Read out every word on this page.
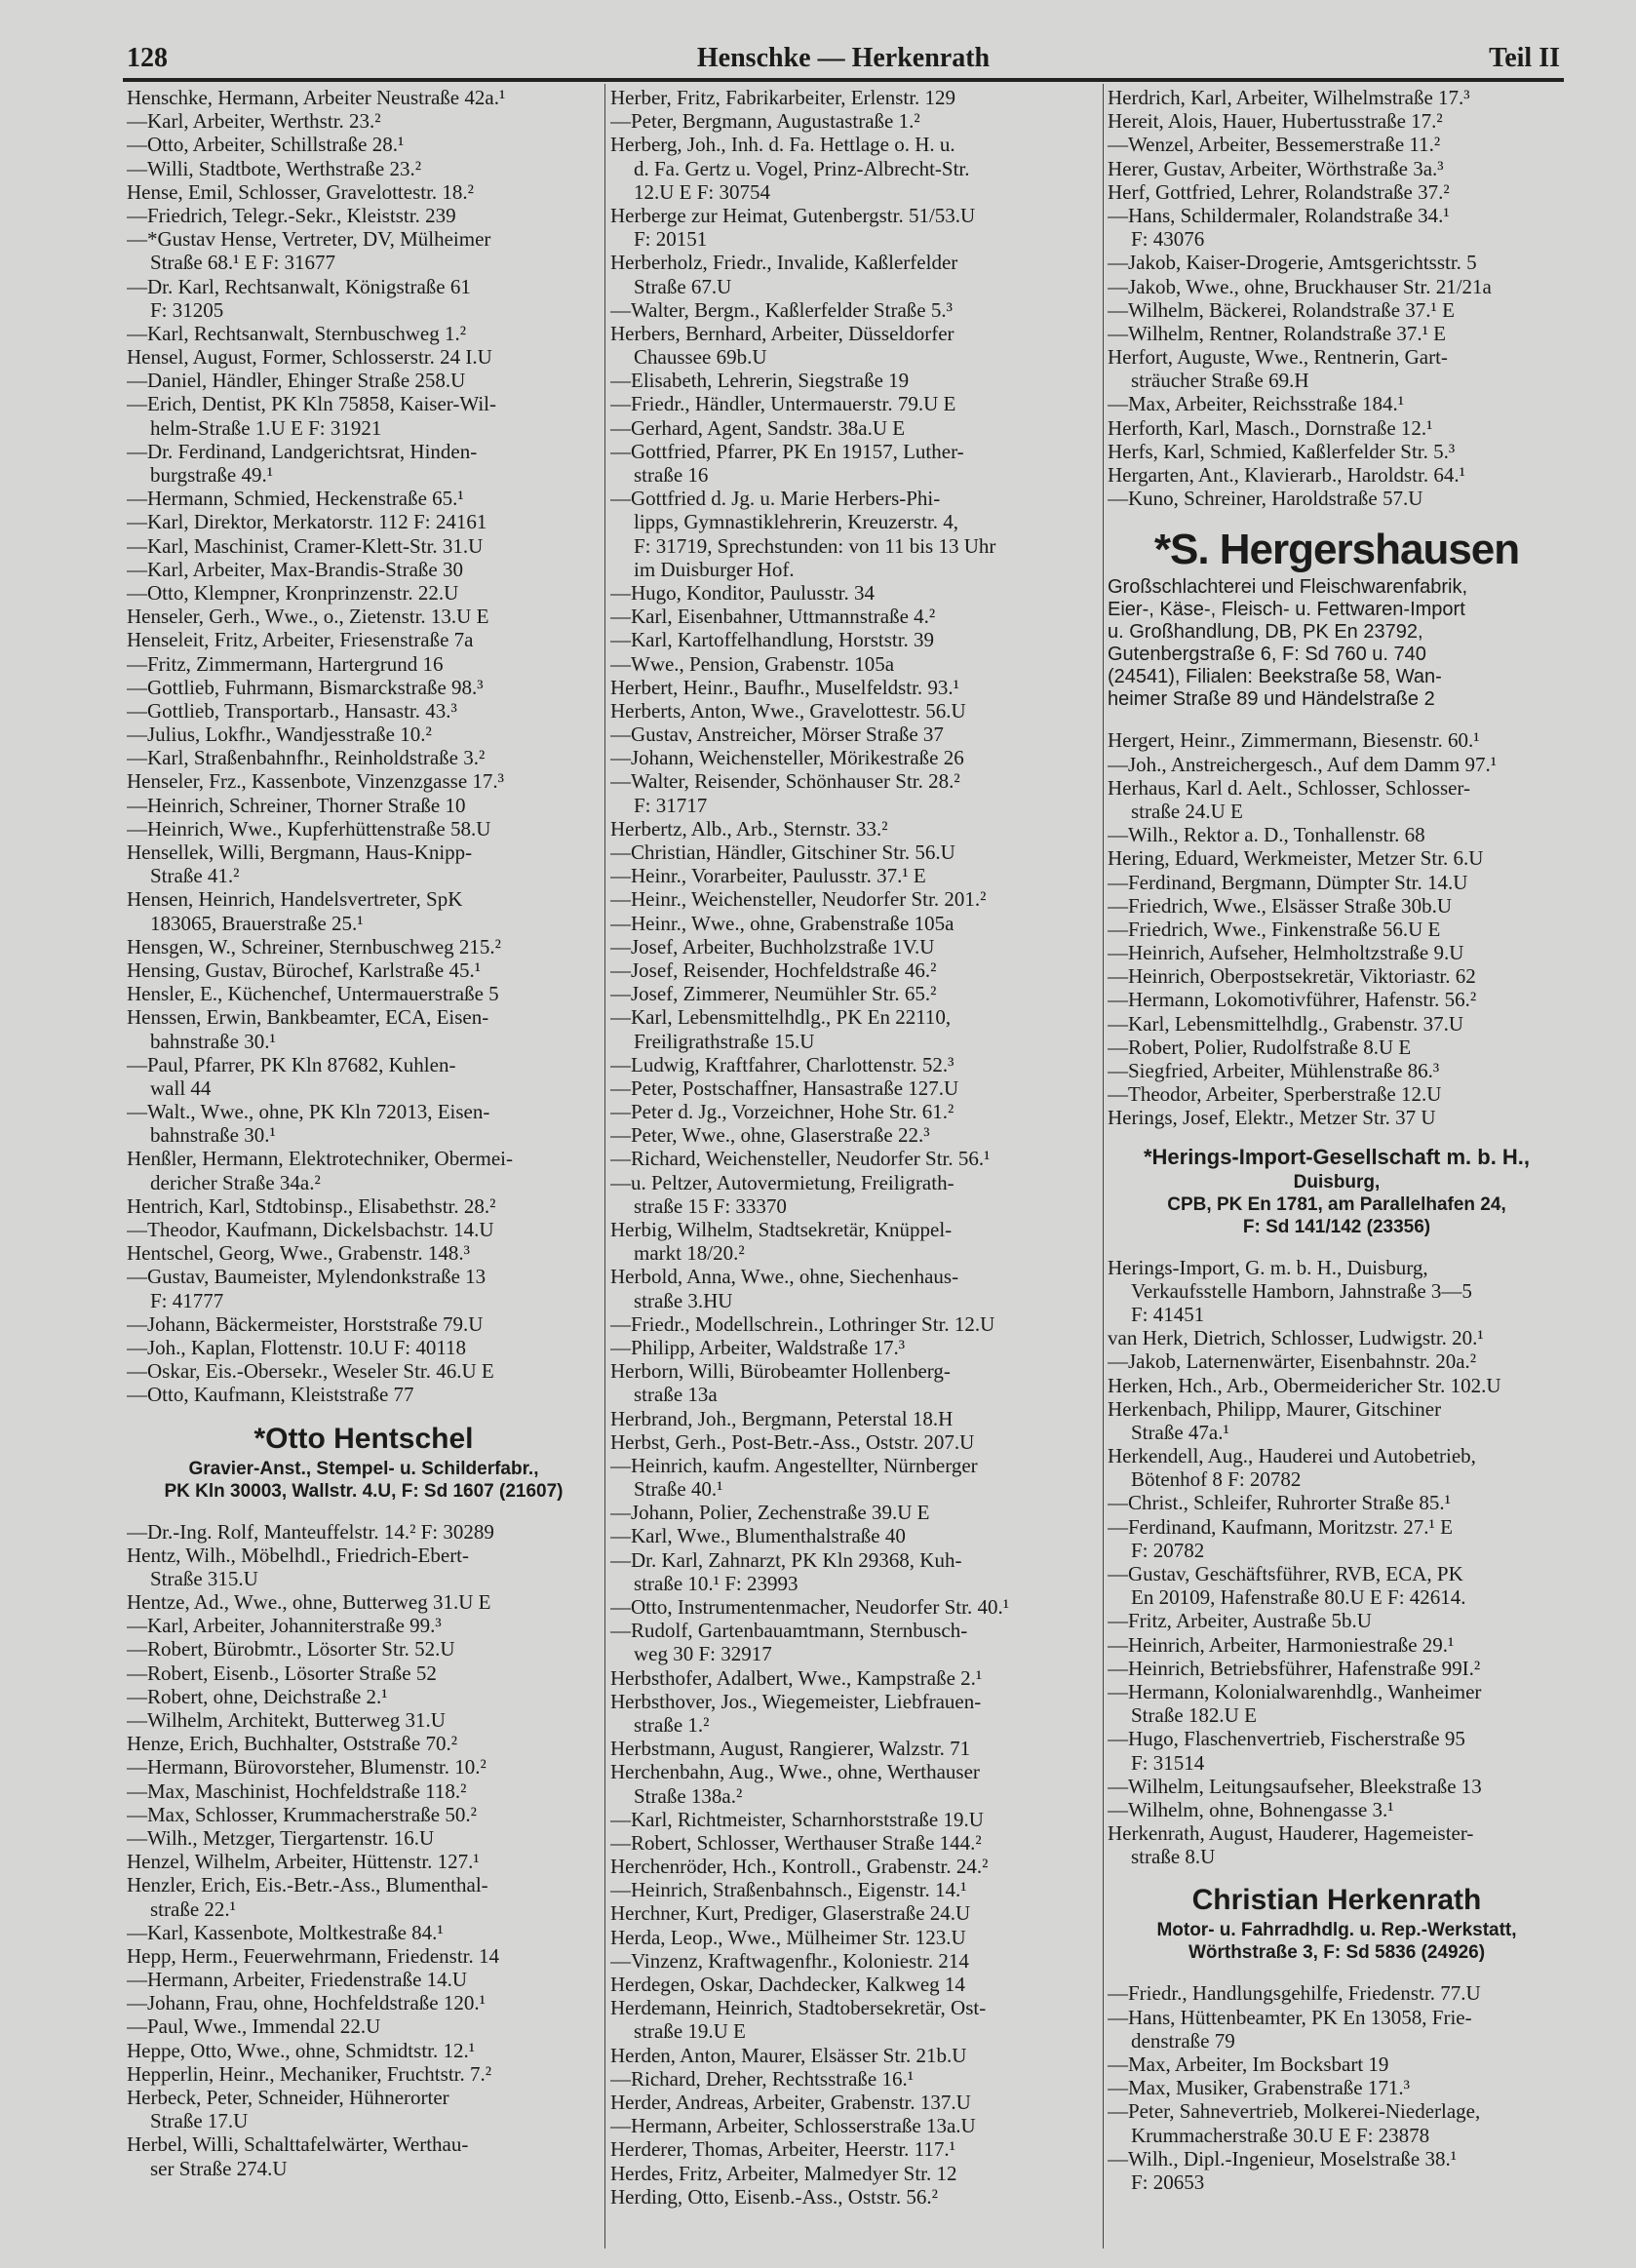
128	Henschke — Herkenrath	Teil II
Henschke, Hermann, Arbeiter Neustraße 42a.¹
—Karl, Arbeiter, Werthstr. 23.²
—Otto, Arbeiter, Schillstraße 28.¹
—Willi, Stadtbote, Werthstraße 23.²
Hense, Emil, Schlosser, Gravelottestr. 18.²
—Friedrich, Telegr.-Sekr., Kleiststr. 239
—*Gustav Hense, Vertreter, DV, Mülheimer
Straße 68.¹ E F: 31677
—Dr. Karl, Rechtsanwalt, Königstraße 61
F: 31205
—Karl, Rechtsanwalt, Sternbuschweg 1.²
Hensel, August, Former, Schlosserstr. 24 I.U
—Daniel, Händler, Ehinger Straße 258.U
—Erich, Dentist, PK Kln 75858, Kaiser-Wil-
helm-Straße 1.U E F: 31921
—Dr. Ferdinand, Landgerichtsrat, Hinden-
burgstraße 49.¹
—Hermann, Schmied, Heckenstraße 65.¹
—Karl, Direktor, Merkatorstr. 112 F: 24161
—Karl, Maschinist, Cramer-Klett-Str. 31.U
—Karl, Arbeiter, Max-Brandis-Straße 30
—Otto, Klempner, Kronprinzenstr. 22.U
Henseler, Gerh., Wwe., o., Zietenstr. 13.U E
Henseleit, Fritz, Arbeiter, Friesenstraße 7a
—Fritz, Zimmermann, Hartergrund 16
—Gottlieb, Fuhrmann, Bismarckstraße 98.³
—Gottlieb, Transportarb., Hansastr. 43.³
—Julius, Lokfhr., Wandjesstraße 10.²
—Karl, Straßenbahnfhr., Reinholdstraße 3.²
Henseler, Frz., Kassenbote, Vinzenzgasse 17.³
—Heinrich, Schreiner, Thorner Straße 10
—Heinrich, Wwe., Kupferhüttenstraße 58.U
Hensellek, Willi, Bergmann, Haus-Knipp-
Straße 41.²
Hensen, Heinrich, Handelsvertreter, SpK
183065, Brauerstraße 25.¹
Hensgen, W., Schreiner, Sternbuschweg 215.²
Hensing, Gustav, Bürochef, Karlstraße 45.¹
Hensler, E., Küchenchef, Untermauerstraße 5
Henssen, Erwin, Bankbeamter, ECA, Eisen-
bahnstraße 30.¹
—Paul, Pfarrer, PK Kln 87682, Kuhlen-
wall 44
—Walt., Wwe., ohne, PK Kln 72013, Eisen-
bahnstraße 30.¹
Henßler, Hermann, Elektrotechniker, Obermei-
dericher Straße 34a.²
Hentrich, Karl, Stdtobinsp., Elisabethstr. 28.²
—Theodor, Kaufmann, Dickelsbachstr. 14.U
Hentschel, Georg, Wwe., Grabenstr. 148.³
—Gustav, Baumeister, Mylendonkstraße 13
F: 41777
—Johann, Bäckermeister, Horststraße 79.U
—Joh., Kaplan, Flottenstr. 10.U F: 40118
—Oskar, Eis.-Obersekr., Weseler Str. 46.U E
—Otto, Kaufmann, Kleiststraße 77
*Otto Hentschel
Gravier-Anst., Stempel- u. Schilderfabr.,
PK Kln 30003, Wallstr. 4.U, F: Sd 1607 (21607)
—Dr.-Ing. Rolf, Manteuffelstr. 14.² F: 30289
Hentz, Wilh., Möbelhdl., Friedrich-Ebert-
Straße 315.U
Hentze, Ad., Wwe., ohne, Butterweg 31.U E
—Karl, Arbeiter, Johanniterstraße 99.³
—Robert, Bürobmtr., Lösorter Str. 52.U
—Robert, Eisenb., Lösorter Straße 52
—Robert, ohne, Deichstraße 2.¹
—Wilhelm, Architekt, Butterweg 31.U
Henze, Erich, Buchhalter, Oststraße 70.²
—Hermann, Bürovorsteher, Blumenstr. 10.²
—Max, Maschinist, Hochfeldstraße 118.²
—Max, Schlosser, Krummacherstraße 50.²
—Wilh., Metzger, Tiergartenstr. 16.U
Henzel, Wilhelm, Arbeiter, Hüttenstr. 127.¹
Henzler, Erich, Eis.-Betr.-Ass., Blumenthal-
straße 22.¹
—Karl, Kassenbote, Moltkestraße 84.¹
Hepp, Herm., Feuerwehrmann, Friedenstr. 14
—Hermann, Arbeiter, Friedenstraße 14.U
—Johann, Frau, ohne, Hochfeldstraße 120.¹
—Paul, Wwe., Immendal 22.U
Heppe, Otto, Wwe., ohne, Schmidtstr. 12.¹
Hepperlin, Heinr., Mechaniker, Fruchtstr. 7.²
Herbeck, Peter, Schneider, Hühnerorter
Straße 17.U
Herbel, Willi, Schalttafelwärter, Werthau-
ser Straße 274.U
Herber, Fritz, Fabrikarbeiter, Erlenstr. 129
—Peter, Bergmann, Augustastraße 1.²
Herberg, Joh., Inh. d. Fa. Hettlage o. H. u.
d. Fa. Gertz u. Vogel, Prinz-Albrecht-Str.
12.U E F: 30754
Herberge zur Heimat, Gutenbergstr. 51/53.U
F: 20151
Herberholz, Friedr., Invalide, Kaßlerfelder
Straße 67.U
—Walter, Bergm., Kaßlerfelder Straße 5.³
Herbers, Bernhard, Arbeiter, Düsseldorfer
Chaussee 69b.U
—Elisabeth, Lehrerin, Siegstraße 19
—Friedr., Händler, Untermauerstr. 79.U E
—Gerhard, Agent, Sandstr. 38a.U E
—Gottfried, Pfarrer, PK En 19157, Luther-
straße 16
—Gottfried d. Jg. u. Marie Herbers-Phi-
lipps, Gymnastiklehrerin, Kreuzerstr. 4,
F: 31719, Sprechstunden: von 11 bis 13 Uhr
im Duisburger Hof.
—Hugo, Konditor, Paulusstr. 34
—Karl, Eisenbahner, Uttmannstraße 4.²
—Karl, Kartoffelhandlung, Horststr. 39
—Wwe., Pension, Grabenstr. 105a
Herbert, Heinr., Baufhr., Muselfeldstr. 93.¹
Herberts, Anton, Wwe., Gravelottestr. 56.U
—Gustav, Anstreicher, Mörser Straße 37
—Johann, Weichensteller, Mörikestraße 26
—Walter, Reisender, Schönhauser Str. 28.²
F: 31717
Herbertz, Alb., Arb., Sternstr. 33.²
—Christian, Händler, Gitschiner Str. 56.U
—Heinr., Vorarbeiter, Paulusstr. 37.¹ E
—Heinr., Weichensteller, Neudorfer Str. 201.²
—Heinr., Wwe., ohne, Grabenstraße 105a
—Josef, Arbeiter, Buchholzstraße 1V.U
—Josef, Reisender, Hochfeldstraße 46.²
—Josef, Zimmerer, Neumühler Str. 65.²
—Karl, Lebensmittelhdlg., PK En 22110,
Freiligrathstraße 15.U
—Ludwig, Kraftfahrer, Charlottenstr. 52.³
—Peter, Postschaffner, Hansastraße 127.U
—Peter d. Jg., Vorzeichner, Hohe Str. 61.²
—Peter, Wwe., ohne, Glaserstraße 22.³
—Richard, Weichensteller, Neudorfer Str. 56.¹
—u. Peltzer, Autovermietung, Freiligrath-
straße 15 F: 33370
Herbig, Wilhelm, Stadtsekretär, Knüppel-
markt 18/20.²
Herbold, Anna, Wwe., ohne, Siechenhaus-
straße 3.HU
—Friedr., Modellschrein., Lothringer Str. 12.U
—Philipp, Arbeiter, Waldstraße 17.³
Herborn, Willi, Bürobeamter Hollenberg-
straße 13a
Herbrand, Joh., Bergmann, Peterstal 18.H
Herbst, Gerh., Post-Betr.-Ass., Oststr. 207.U
—Heinrich, kaufm. Angestellter, Nürnberger
Straße 40.¹
—Johann, Polier, Zechenstraße 39.U E
—Karl, Wwe., Blumenthalstraße 40
—Dr. Karl, Zahnarzt, PK Kln 29368, Kuh-
straße 10.¹ F: 23993
—Otto, Instrumentenmacher, Neudorfer Str. 40.¹
—Rudolf, Gartenbauamtmann, Sternbusch-
weg 30 F: 32917
Herbsthofer, Adalbert, Wwe., Kampstraße 2.¹
Herbsthover, Jos., Wiegemeister, Liebfrauen-
straße 1.²
Herbstmann, August, Rangierer, Walzstr. 71
Herchenbahn, Aug., Wwe., ohne, Werthauser
Straße 138a.²
—Karl, Richtmeister, Scharnhorststraße 19.U
—Robert, Schlosser, Werthauser Straße 144.²
Herchenröder, Hch., Kontroll., Grabenstr. 24.²
—Heinrich, Straßenbahnsch., Eigenstr. 14.¹
Herchner, Kurt, Prediger, Glaserstraße 24.U
Herda, Leop., Wwe., Mülheimer Str. 123.U
—Vinzenz, Kraftwagenfhr., Koloniestr. 214
Herdegen, Oskar, Dachdecker, Kalkweg 14
Herdemann, Heinrich, Stadtobersekretär, Ost-
straße 19.U E
Herden, Anton, Maurer, Elsässer Str. 21b.U
—Richard, Dreher, Rechtsstraße 16.¹
Herder, Andreas, Arbeiter, Grabenstr. 137.U
—Hermann, Arbeiter, Schlosserstraße 13a.U
Herderer, Thomas, Arbeiter, Heerstr. 117.¹
Herdes, Fritz, Arbeiter, Malmedyer Str. 12
Herding, Otto, Eisenb.-Ass., Oststr. 56.²
Herdrich, Karl, Arbeiter, Wilhelmstraße 17.³
Hereit, Alois, Hauer, Hubertusstraße 17.²
—Wenzel, Arbeiter, Bessemerstraße 11.²
Herer, Gustav, Arbeiter, Wörthstraße 3a.³
Herf, Gottfried, Lehrer, Rolandstraße 37.²
—Hans, Schildermaler, Rolandstraße 34.¹
F: 43076
—Jakob, Kaiser-Drogerie, Amtsgerichtsstr. 5
—Jakob, Wwe., ohne, Bruckhauser Str. 21/21a
—Wilhelm, Bäckerei, Rolandstraße 37.¹ E
—Wilhelm, Rentner, Rolandstraße 37.¹ E
Herfort, Auguste, Wwe., Rentnerin, Gart-
sträucher Straße 69.H
—Max, Arbeiter, Reichsstraße 184.¹
Herforth, Karl, Masch., Dornstraße 12.¹
Herfs, Karl, Schmied, Kaßlerfelder Str. 5.³
Hergarten, Ant., Klavierarb., Haroldstr. 64.¹
—Kuno, Schreiner, Haroldstraße 57.U
*S. Hergershausen
Großschlachterei und Fleischwarenfabrik,
Eier-, Käse-, Fleisch- u. Fettwaren-Import
u. Großhandlung, DB, PK En 23792,
Gutenbergstraße 6, F: Sd 760 u. 740
(24541), Filialen: Beekstraße 58, Wan-
heimer Straße 89 und Händelstraße 2
Hergert, Heinr., Zimmermann, Biesenstr. 60.¹
—Joh., Anstreichergesch., Auf dem Damm 97.¹
Herhaus, Karl d. Aelt., Schlosser, Schlosser-
straße 24.U E
—Wilh., Rektor a. D., Tonhallenstr. 68
Hering, Eduard, Werkmeister, Metzer Str. 6.U
—Ferdinand, Bergmann, Dümpter Str. 14.U
—Friedrich, Wwe., Elsässer Straße 30b.U
—Friedrich, Wwe., Finkenstraße 56.U E
—Heinrich, Aufseher, Helmholtzstraße 9.U
—Heinrich, Oberpostsekretär, Viktoriastr. 62
—Hermann, Lokomotivführer, Hafenstr. 56.²
—Karl, Lebensmittelhdlg., Grabenstr. 37.U
—Robert, Polier, Rudolfstraße 8.U E
—Siegfried, Arbeiter, Mühlenstraße 86.³
—Theodor, Arbeiter, Sperberstraße 12.U
Herings, Josef, Elektr., Metzer Str. 37 U
*Herings-Import-Gesellschaft m. b. H.,
Duisburg,
CPB, PK En 1781, am Parallelhafen 24,
F: Sd 141/142 (23356)
Herings-Import, G. m. b. H., Duisburg,
Verkaufsstelle Hamborn, Jahnstraße 3—5
F: 41451
van Herk, Dietrich, Schlosser, Ludwigstr. 20.¹
—Jakob, Laternenwärter, Eisenbahnstr. 20a.²
Herken, Hch., Arb., Obermeidericher Str. 102.U
Herkenbach, Philipp, Maurer, Gitschiner
Straße 47a.¹
Herkendell, Aug., Hauderei und Autobetrieb,
Bötenhof 8 F: 20782
—Christ., Schleifer, Ruhrorter Straße 85.¹
—Ferdinand, Kaufmann, Moritzstr. 27.¹ E
F: 20782
—Gustav, Geschäftsführer, RVB, ECA, PK
En 20109, Hafenstraße 80.U E F: 42614.
—Fritz, Arbeiter, Austraße 5b.U
—Heinrich, Arbeiter, Harmoniestraße 29.¹
—Heinrich, Betriebsführer, Hafenstraße 99I.²
—Hermann, Kolonialwarenhdlg., Wanheimer
Straße 182.U E
—Hugo, Flaschenvertrieb, Fischerstraße 95
F: 31514
—Wilhelm, Leitungsaufseher, Bleekstraße 13
—Wilhelm, ohne, Bohnengasse 3.¹
Herkenrath, August, Hauderer, Hagemeister-
straße 8.U
Christian Herkenrath
Motor- u. Fahrradhdlg. u. Rep.-Werkstatt,
Wörthstraße 3, F: Sd 5836 (24926)
—Friedr., Handlungsgehilfe, Friedenstr. 77.U
—Hans, Hüttenbeamter, PK En 13058, Frie-
denstraße 79
—Max, Arbeiter, Im Bocksbart 19
—Max, Musiker, Grabenstraße 171.³
—Peter, Sahnevertrieb, Molkerei-Niederlage,
Krummacherstraße 30.U E F: 23878
—Wilh., Dipl.-Ingenieur, Moselstraße 38.¹
F: 20653
